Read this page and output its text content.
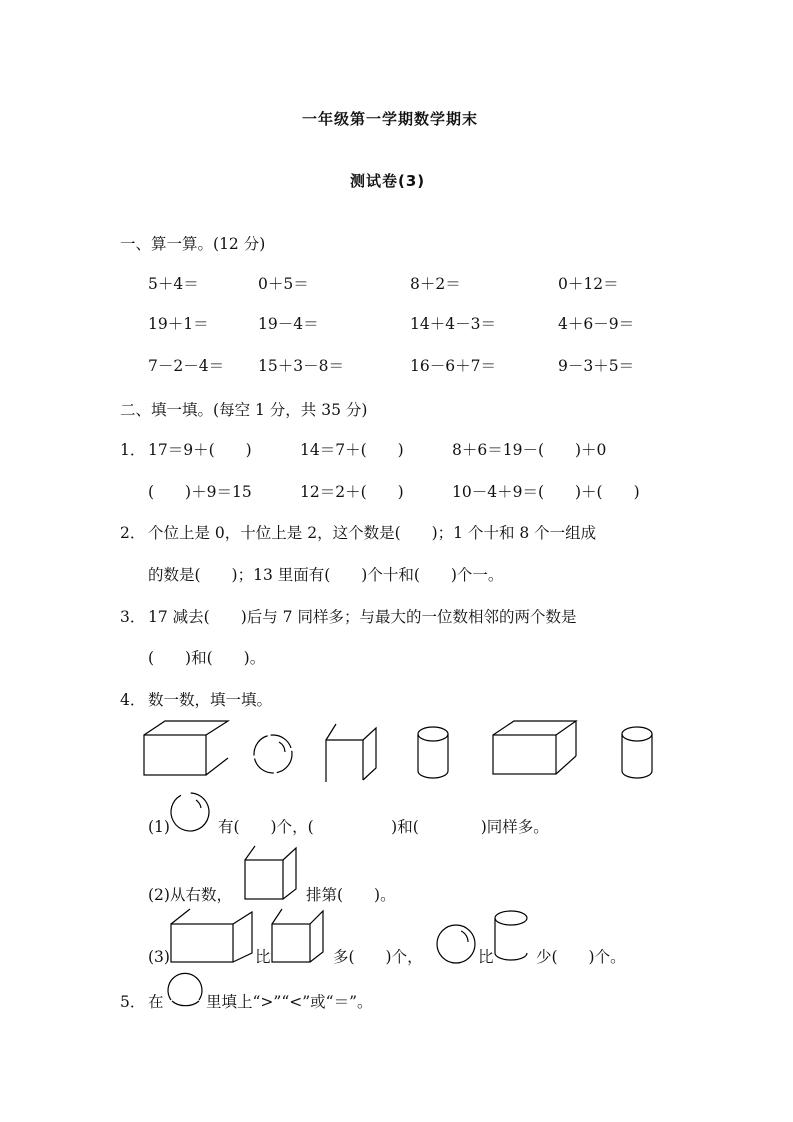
一年级第一学期数学期末
测试卷(3)
一、算一算。(12 分)
5＋4＝	0＋5＝	8＋2＝	0＋12＝
19＋1＝	19－4＝	14＋4－3＝	4＋6－9＝
7－2－4＝ 15＋3－8＝	16－6＋7＝	9－3＋5＝
二、填一填。(每空 1 分，共 35 分)
1． 17＝9＋(　　)	14＝7＋(　　)	8＋6＝19－(　　)＋0
(　　)＋9＝15	12＝2＋(　　)	10－4＋9＝(　　)＋(　　)
2． 个位上是 0，十位上是 2，这个数是(　　)；1 个十和 8 个一组成
的数是(　　)；13 里面有(　　)个十和(　　)个一。
3． 17 减去(　　)后与 7 同样多；与最大的一位数相邻的两个数是
(　　)和(　　)。
4． 数一数，填一填。
(1)	有(　　)个，(　　　　　)和(　　　　)同样多。
(2)从右数，	排第(　　)。
(3)	比	多(　　)个，	比	少(　　)个。
5． 在	里填上“>”“<”或“＝”。
